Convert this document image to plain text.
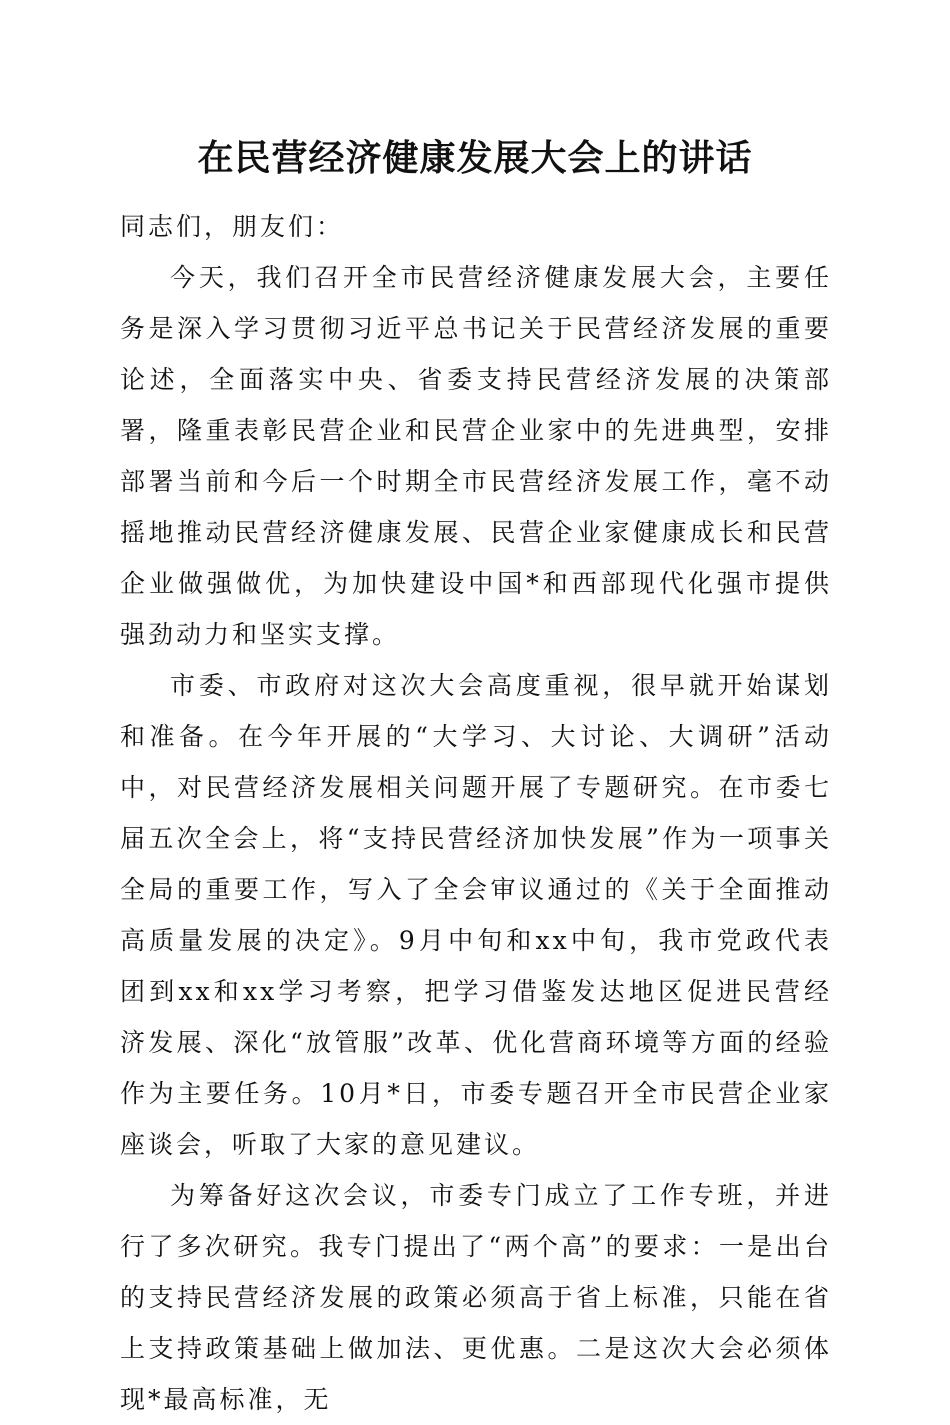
在民营经济健康发展大会上的讲话

同志们，朋友们：

今天，我们召开全市民营经济健康发展大会，主要任务是深入学习贯彻习近平总书记关于民营经济发展的重要论述，全面落实中央、省委支持民营经济发展的决策部署，隆重表彰民营企业和民营企业家中的先进典型，安排部署当前和今后一个时期全市民营经济发展工作，毫不动摇地推动民营经济健康发展、民营企业家健康成长和民营企业做强做优，为加快建设中国*和西部现代化强市提供强劲动力和坚实支撑。

市委、市政府对这次大会高度重视，很早就开始谋划和准备。在今年开展的“大学习、大讨论、大调研”活动中，对民营经济发展相关问题开展了专题研究。在市委七届五次全会上，将“支持民营经济加快发展”作为一项事关全局的重要工作，写入了全会审议通过的《关于全面推动高质量发展的决定》。9月中旬和xx中旬，我市党政代表团到xx和xx学习考察，把学习借鉴发达地区促进民营经济发展、深化“放管服”改革、优化营商环境等方面的经验作为主要任务。10月*日，市委专题召开全市民营企业家座谈会，听取了大家的意见建议。

为筹备好这次会议，市委专门成立了工作专班，并进行了多次研究。我专门提出了“两个高”的要求：一是出台的支持民营经济发展的政策必须高于省上标准，只能在省上支持政策基础上做加法、更优惠。二是这次大会必须体现*最高标准，无
